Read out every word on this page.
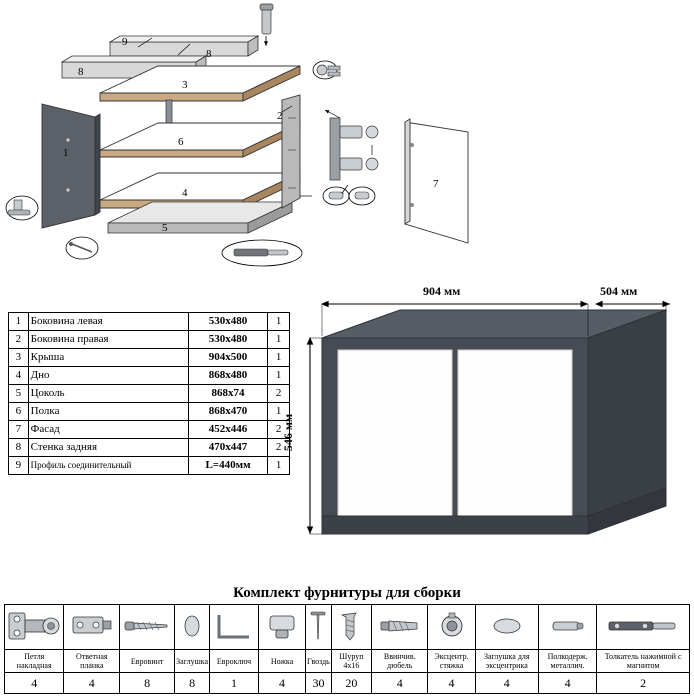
9
8
8
3
1
2
6
4
5
7
1	Боковина левая	530х480	1
2	Боковина правая	530х480	1
3	Крыша	904х500	1
4	Дно	868х480	1
5	Цоколь	868х74	2
6	Полка	868х470	1
7	Фасад	452х446	2
8	Стенка задняя	470х447	2
9	Профиль соединительный	L=440мм	1
904 мм	504 мм
546 мм
Комплект фурнитуры для сборки

Петля накладная	Ответная планка	Евровинт	Заглушка	Евроключ	Ножка	Гвоздь	Шуруп 4х16	Ввинчив. дюбель	Эксцентр. стяжка	Заглушка для эксцентрика	Полкодерж. металлич.	Толкатель нажимной с магнитом
4	4	8	8	1	4	30	20	4	4	4	4	2
